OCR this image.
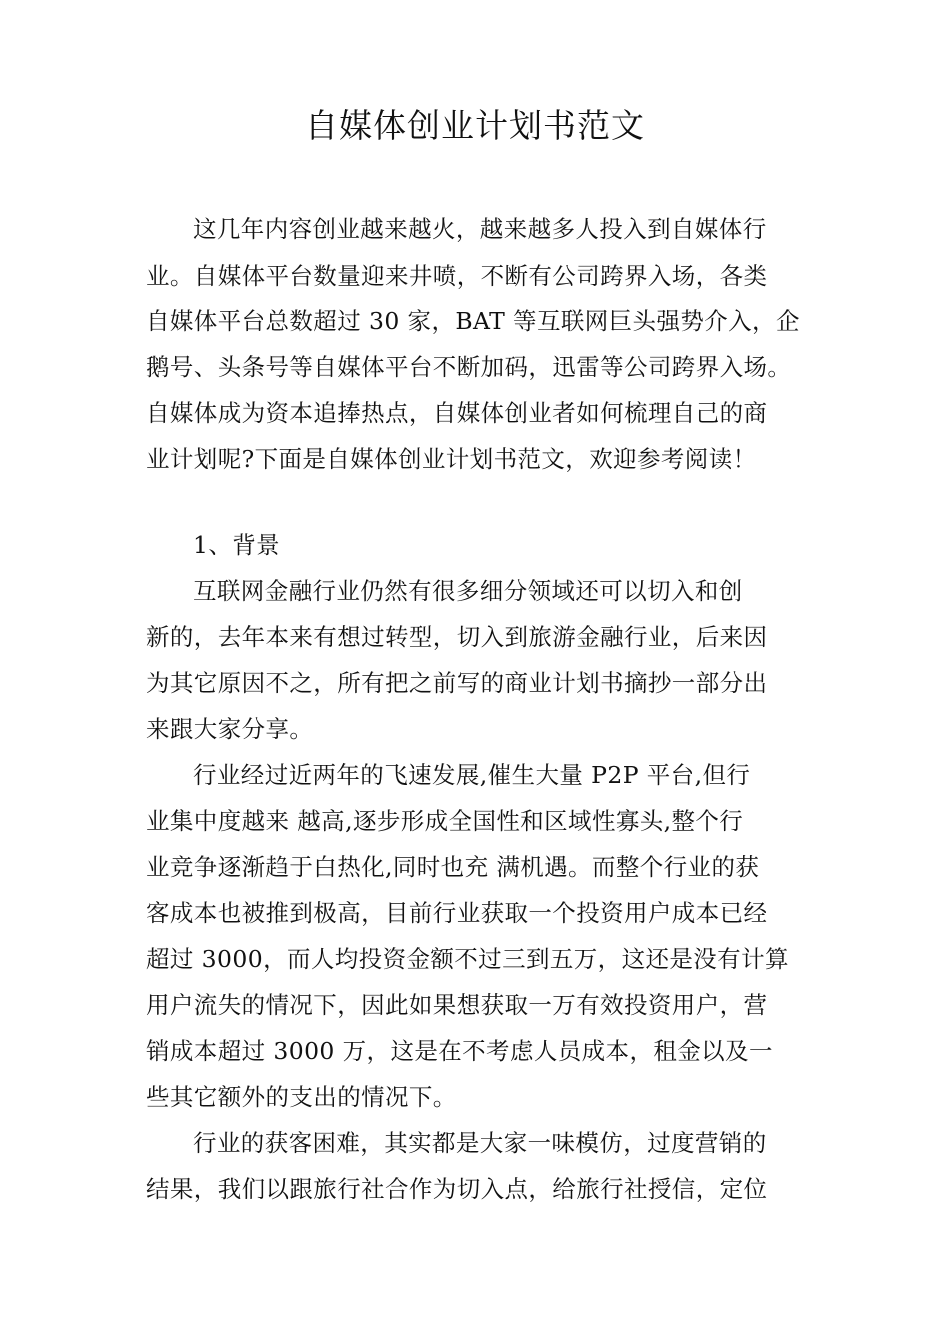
自媒体创业计划书范文
这几年内容创业越来越火，越来越多人投入到自媒体行
业。自媒体平台数量迎来井喷，不断有公司跨界入场，各类
自媒体平台总数超过 30 家，BAT 等互联网巨头强势介入，企
鹅号、头条号等自媒体平台不断加码，迅雷等公司跨界入场。
自媒体成为资本追捧热点，自媒体创业者如何梳理自己的商
业计划呢?下面是自媒体创业计划书范文，欢迎参考阅读！
1、背景
互联网金融行业仍然有很多细分领域还可以切入和创
新的，去年本来有想过转型，切入到旅游金融行业，后来因
为其它原因不之，所有把之前写的商业计划书摘抄一部分出
来跟大家分享。
行业经过近两年的飞速发展,催生大量 P2P 平台,但行
业集中度越来 越高,逐步形成全国性和区域性寡头,整个行
业竞争逐渐趋于白热化,同时也充 满机遇。而整个行业的获
客成本也被推到极高，目前行业获取一个投资用户成本已经
超过 3000，而人均投资金额不过三到五万，这还是没有计算
用户流失的情况下，因此如果想获取一万有效投资用户，营
销成本超过 3000 万，这是在不考虑人员成本，租金以及一
些其它额外的支出的情况下。
行业的获客困难，其实都是大家一味模仿，过度营销的
结果，我们以跟旅行社合作为切入点，给旅行社授信，定位
